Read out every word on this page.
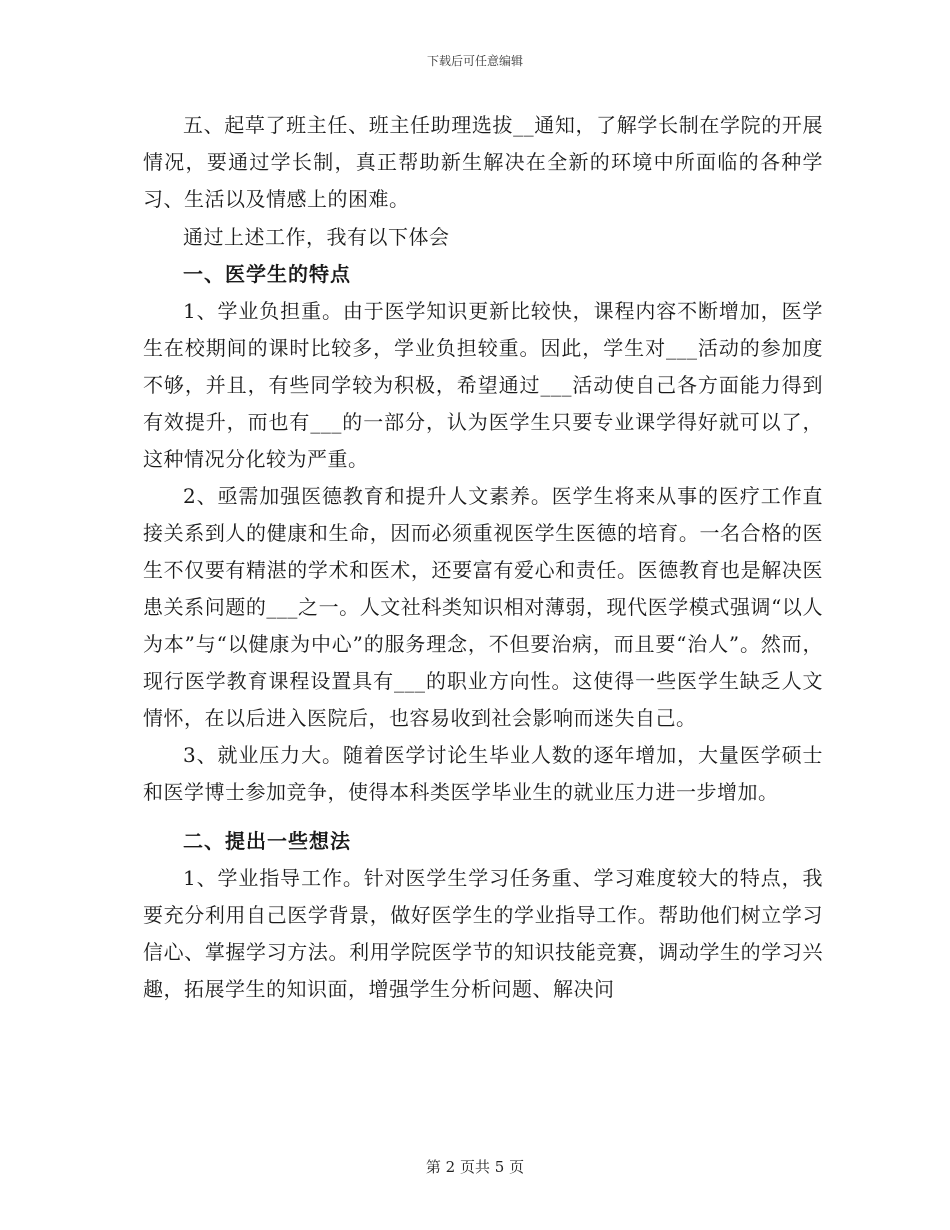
下载后可任意编辑

五、起草了班主任、班主任助理选拔__通知，了解学长制在学院的开展情况，要通过学长制，真正帮助新生解决在全新的环境中所面临的各种学习、生活以及情感上的困难。

通过上述工作，我有以下体会

一、医学生的特点

1、学业负担重。由于医学知识更新比较快，课程内容不断增加，医学生在校期间的课时比较多，学业负担较重。因此，学生对___活动的参加度不够，并且，有些同学较为积极，希望通过___活动使自己各方面能力得到有效提升，而也有___的一部分，认为医学生只要专业课学得好就可以了，这种情况分化较为严重。

2、亟需加强医德教育和提升人文素养。医学生将来从事的医疗工作直接关系到人的健康和生命，因而必须重视医学生医德的培育。一名合格的医生不仅要有精湛的学术和医术，还要富有爱心和责任。医德教育也是解决医患关系问题的___之一。人文社科类知识相对薄弱，现代医学模式强调“以人为本”与“以健康为中心”的服务理念，不但要治病，而且要“治人”。然而，现行医学教育课程设置具有___的职业方向性。这使得一些医学生缺乏人文情怀，在以后进入医院后，也容易收到社会影响而迷失自己。

3、就业压力大。随着医学讨论生毕业人数的逐年增加，大量医学硕士和医学博士参加竞争，使得本科类医学毕业生的就业压力进一步增加。

二、提出一些想法

1、学业指导工作。针对医学生学习任务重、学习难度较大的特点，我要充分利用自己医学背景，做好医学生的学业指导工作。帮助他们树立学习信心、掌握学习方法。利用学院医学节的知识技能竞赛，调动学生的学习兴趣，拓展学生的知识面，增强学生分析问题、解决问

第 2 页共 5 页
